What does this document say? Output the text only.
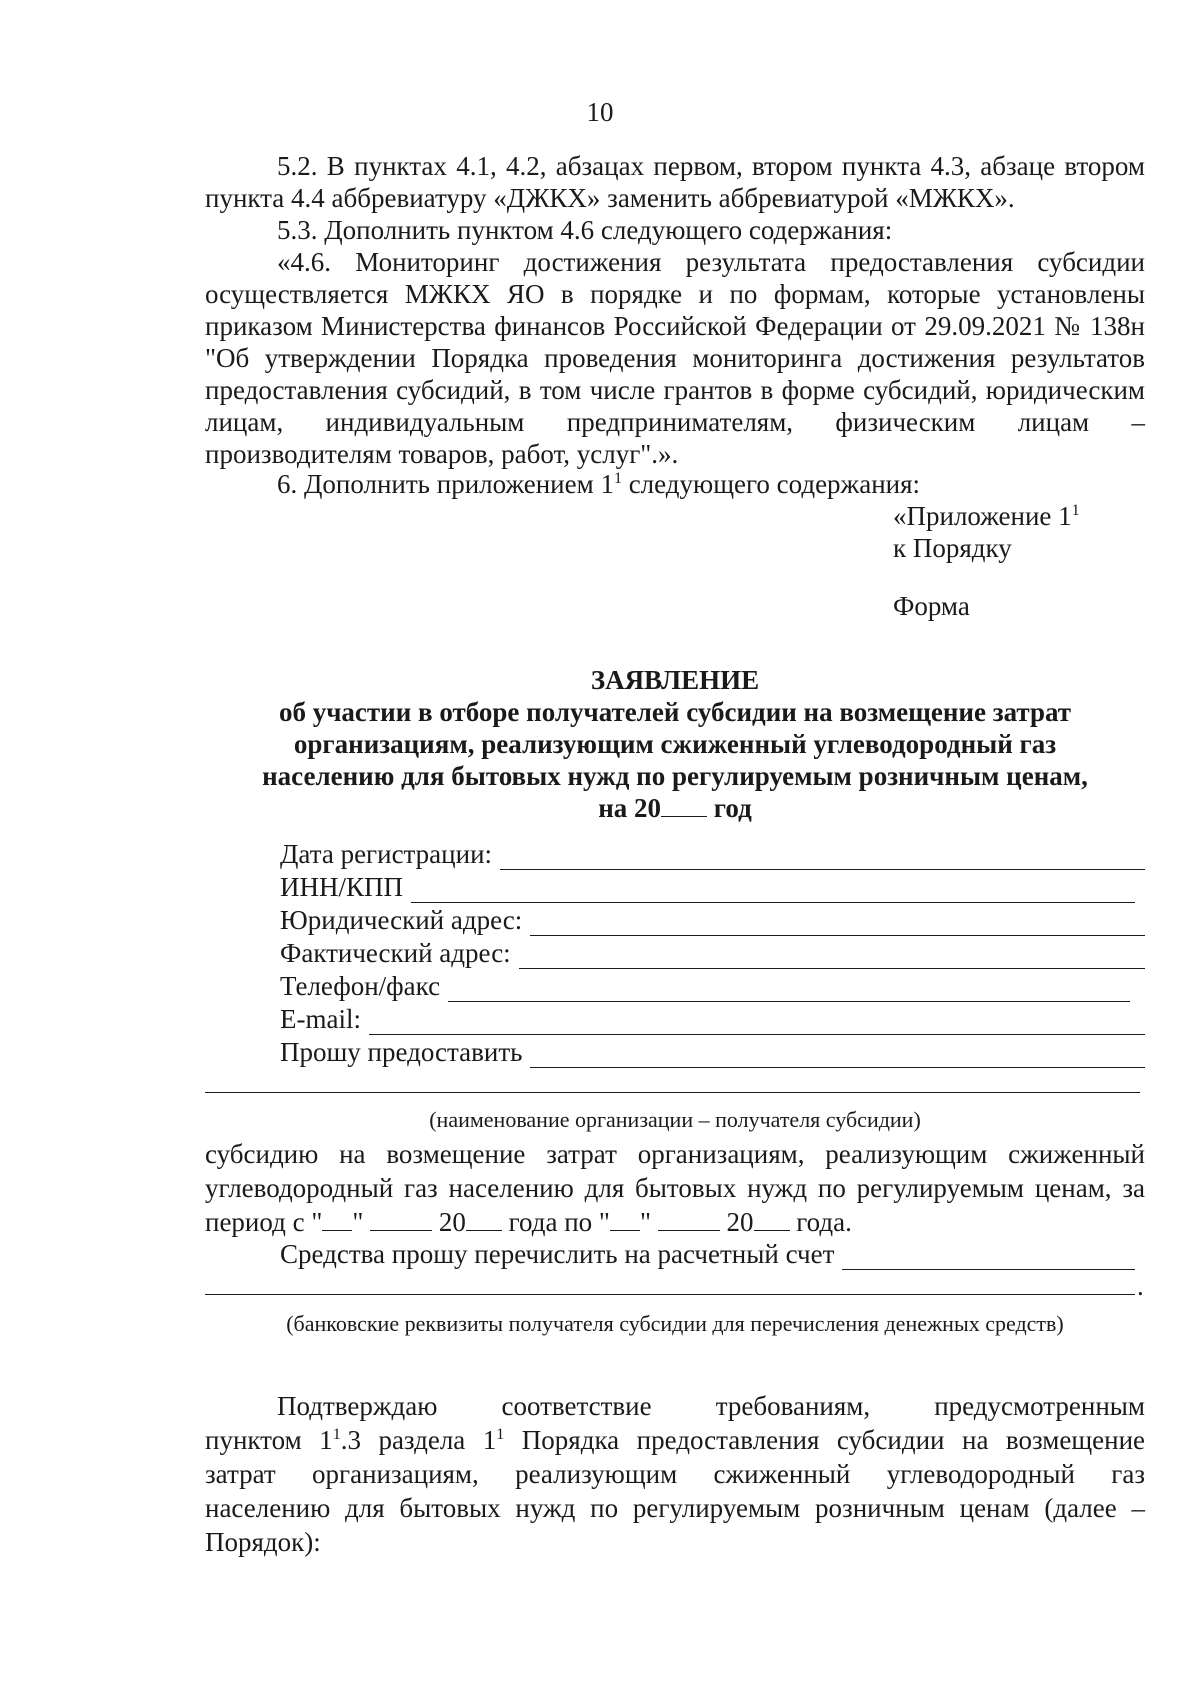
10

5.2. В пунктах 4.1, 4.2, абзацах первом, втором пункта 4.3, абзаце втором пункта 4.4 аббревиатуру «ДЖКХ» заменить аббревиатурой «МЖКХ».

5.3. Дополнить пунктом 4.6 следующего содержания:

«4.6. Мониторинг достижения результата предоставления субсидии осуществляется МЖКХ ЯО в порядке и по формам, которые установлены приказом Министерства финансов Российской Федерации от 29.09.2021 № 138н "Об утверждении Порядка проведения мониторинга достижения результатов предоставления субсидий, в том числе грантов в форме субсидий, юридическим лицам, индивидуальным предпринимателям, физическим лицам – производителям товаров, работ, услуг".».

6. Дополнить приложением $1^1$ следующего содержания:

«Приложение $1^1$
к Порядку
Форма
ЗАЯВЛЕНИЕ
об участии в отборе получателей субсидии на возмещение затрат
организациям, реализующим сжиженный углеводородный газ
населению для бытовых нужд по регулируемым розничным ценам,
на 20 год
Дата регистрации:
ИНН/КПП
Юридический адрес:
Фактический адрес:
Телефон/факс
E-mail:
Прошу предоставить
(наименование организации – получателя субсидии)

субсидию на возмещение затрат организациям, реализующим сжиженный

углеводородный газ населению для бытовых нужд по регулируемым ценам, за

период с " "  20 года по " "  20 года.

Средства прошу перечислить на расчетный счет
.
(банковские реквизиты получателя субсидии для перечисления денежных средств)

Подтверждаю соответствие требованиям, предусмотренным

пунктом $1^1.3$ раздела $1^1$ Порядка предоставления субсидии на возмещение

затрат организациям, реализующим сжиженный углеводородный газ

населению для бытовых нужд по регулируемым розничным ценам (далее –

Порядок):
